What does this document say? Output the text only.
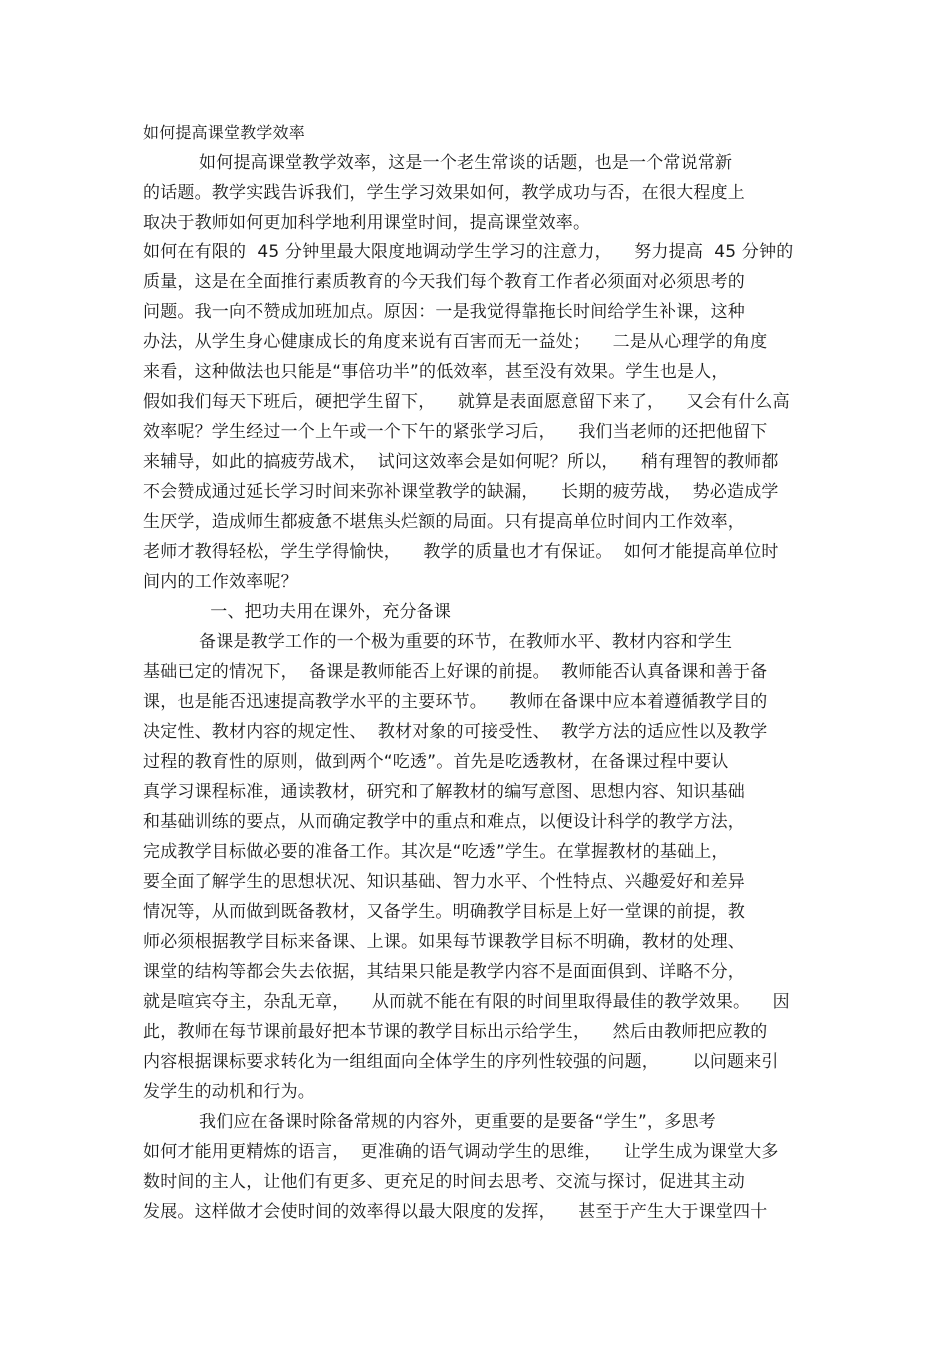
如何提高课堂教学效率
如何提高课堂教学效率，这是一个老生常谈的话题，也是一个常说常新
的话题。教学实践告诉我们，学生学习效果如何，教学成功与否，在很大程度上
取决于教师如何更加科学地利用课堂时间，提高课堂效率。
如何在有限的  45 分钟里最大限度地调动学生学习的注意力，    努力提高  45 分钟的
质量，这是在全面推行素质教育的今天我们每个教育工作者必须面对必须思考的
问题。我一向不赞成加班加点。原因：一是我觉得靠拖长时间给学生补课，这种
办法，从学生身心健康成长的角度来说有百害而无一益处；    二是从心理学的角度
来看，这种做法也只能是“事倍功半”的低效率，甚至没有效果。学生也是人，
假如我们每天下班后，硬把学生留下，    就算是表面愿意留下来了，    又会有什么高
效率呢？学生经过一个上午或一个下午的紧张学习后，    我们当老师的还把他留下
来辅导，如此的搞疲劳战术，  试问这效率会是如何呢？所以，    稍有理智的教师都
不会赞成通过延长学习时间来弥补课堂教学的缺漏，    长期的疲劳战，  势必造成学
生厌学，造成师生都疲惫不堪焦头烂额的局面。只有提高单位时间内工作效率，
老师才教得轻松，学生学得愉快，    教学的质量也才有保证。  如何才能提高单位时
间内的工作效率呢？
一、把功夫用在课外，充分备课
备课是教学工作的一个极为重要的环节，在教师水平、教材内容和学生
基础已定的情况下，  备课是教师能否上好课的前提。  教师能否认真备课和善于备
课，也是能否迅速提高教学水平的主要环节。    教师在备课中应本着遵循教学目的
决定性、教材内容的规定性、  教材对象的可接受性、  教学方法的适应性以及教学
过程的教育性的原则，做到两个“吃透”。首先是吃透教材，在备课过程中要认
真学习课程标准，通读教材，研究和了解教材的编写意图、思想内容、知识基础
和基础训练的要点，从而确定教学中的重点和难点，以便设计科学的教学方法，
完成教学目标做必要的准备工作。其次是“吃透”学生。在掌握教材的基础上，
要全面了解学生的思想状况、知识基础、智力水平、个性特点、兴趣爱好和差异
情况等，从而做到既备教材，又备学生。明确教学目标是上好一堂课的前提，教
师必须根据教学目标来备课、上课。如果每节课教学目标不明确，教材的处理、
课堂的结构等都会失去依据，其结果只能是教学内容不是面面俱到、详略不分，
就是喧宾夺主，杂乱无章，    从而就不能在有限的时间里取得最佳的教学效果。    因
此，教师在每节课前最好把本节课的教学目标出示给学生，    然后由教师把应教的
内容根据课标要求转化为一组组面向全体学生的序列性较强的问题，      以问题来引
发学生的动机和行为。
我们应在备课时除备常规的内容外，更重要的是要备“学生”，多思考
如何才能用更精炼的语言，  更准确的语气调动学生的思维，    让学生成为课堂大多
数时间的主人，让他们有更多、更充足的时间去思考、交流与探讨，促进其主动
发展。这样做才会使时间的效率得以最大限度的发挥，    甚至于产生大于课堂四十
